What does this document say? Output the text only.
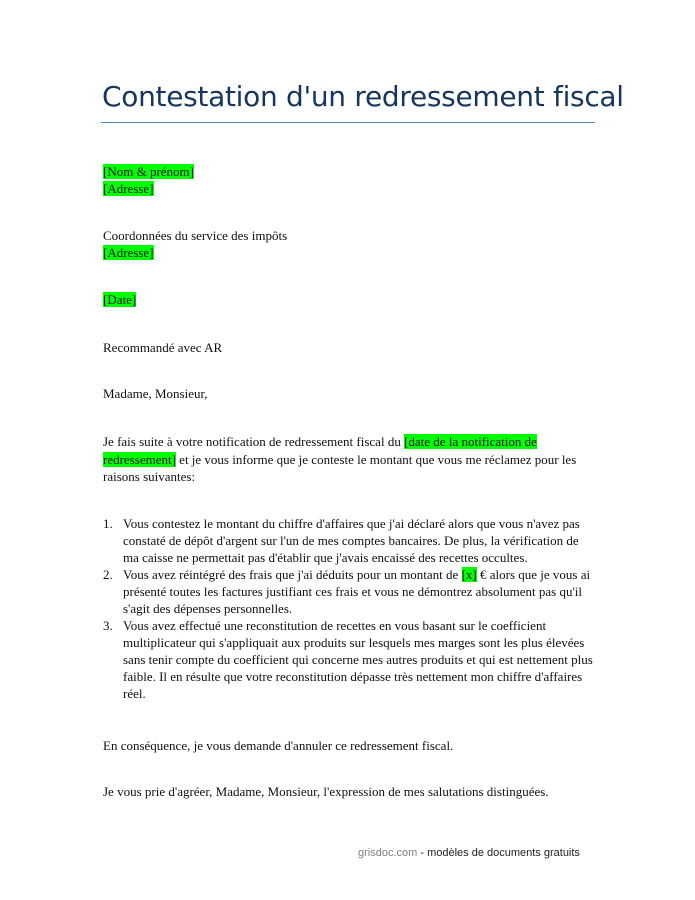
Contestation d'un redressement fiscal
[Nom & prénom]
[Adresse]
Coordonnées du service des impôts
[Adresse]
[Date]
Recommandé avec AR
Madame, Monsieur,
Je fais suite à votre notification de redressement fiscal du [date de la notification de redressement] et je vous informe que je conteste le montant que vous me réclamez pour les raisons suivantes:
1. Vous contestez le montant du chiffre d'affaires que j'ai déclaré alors que vous n'avez pas constaté de dépôt d'argent sur l'un de mes comptes bancaires. De plus, la vérification de ma caisse ne permettait pas d'établir que j'avais encaissé des recettes occultes.
2. Vous avez réintégré des frais que j'ai déduits pour un montant de [x] € alors que je vous ai présenté toutes les factures justifiant ces frais et vous ne démontrez absolument pas qu'il s'agit des dépenses personnelles.
3. Vous avez effectué une reconstitution de recettes en vous basant sur le coefficient multiplicateur qui s'appliquait aux produits sur lesquels mes marges sont les plus élevées sans tenir compte du coefficient qui concerne mes autres produits et qui est nettement plus faible. Il en résulte que votre reconstitution dépasse très nettement mon chiffre d'affaires réel.
En conséquence, je vous demande d'annuler ce redressement fiscal.
Je vous prie d'agréer, Madame, Monsieur, l'expression de mes salutations distinguées.
grisdoc.com - modèles de documents gratuits
